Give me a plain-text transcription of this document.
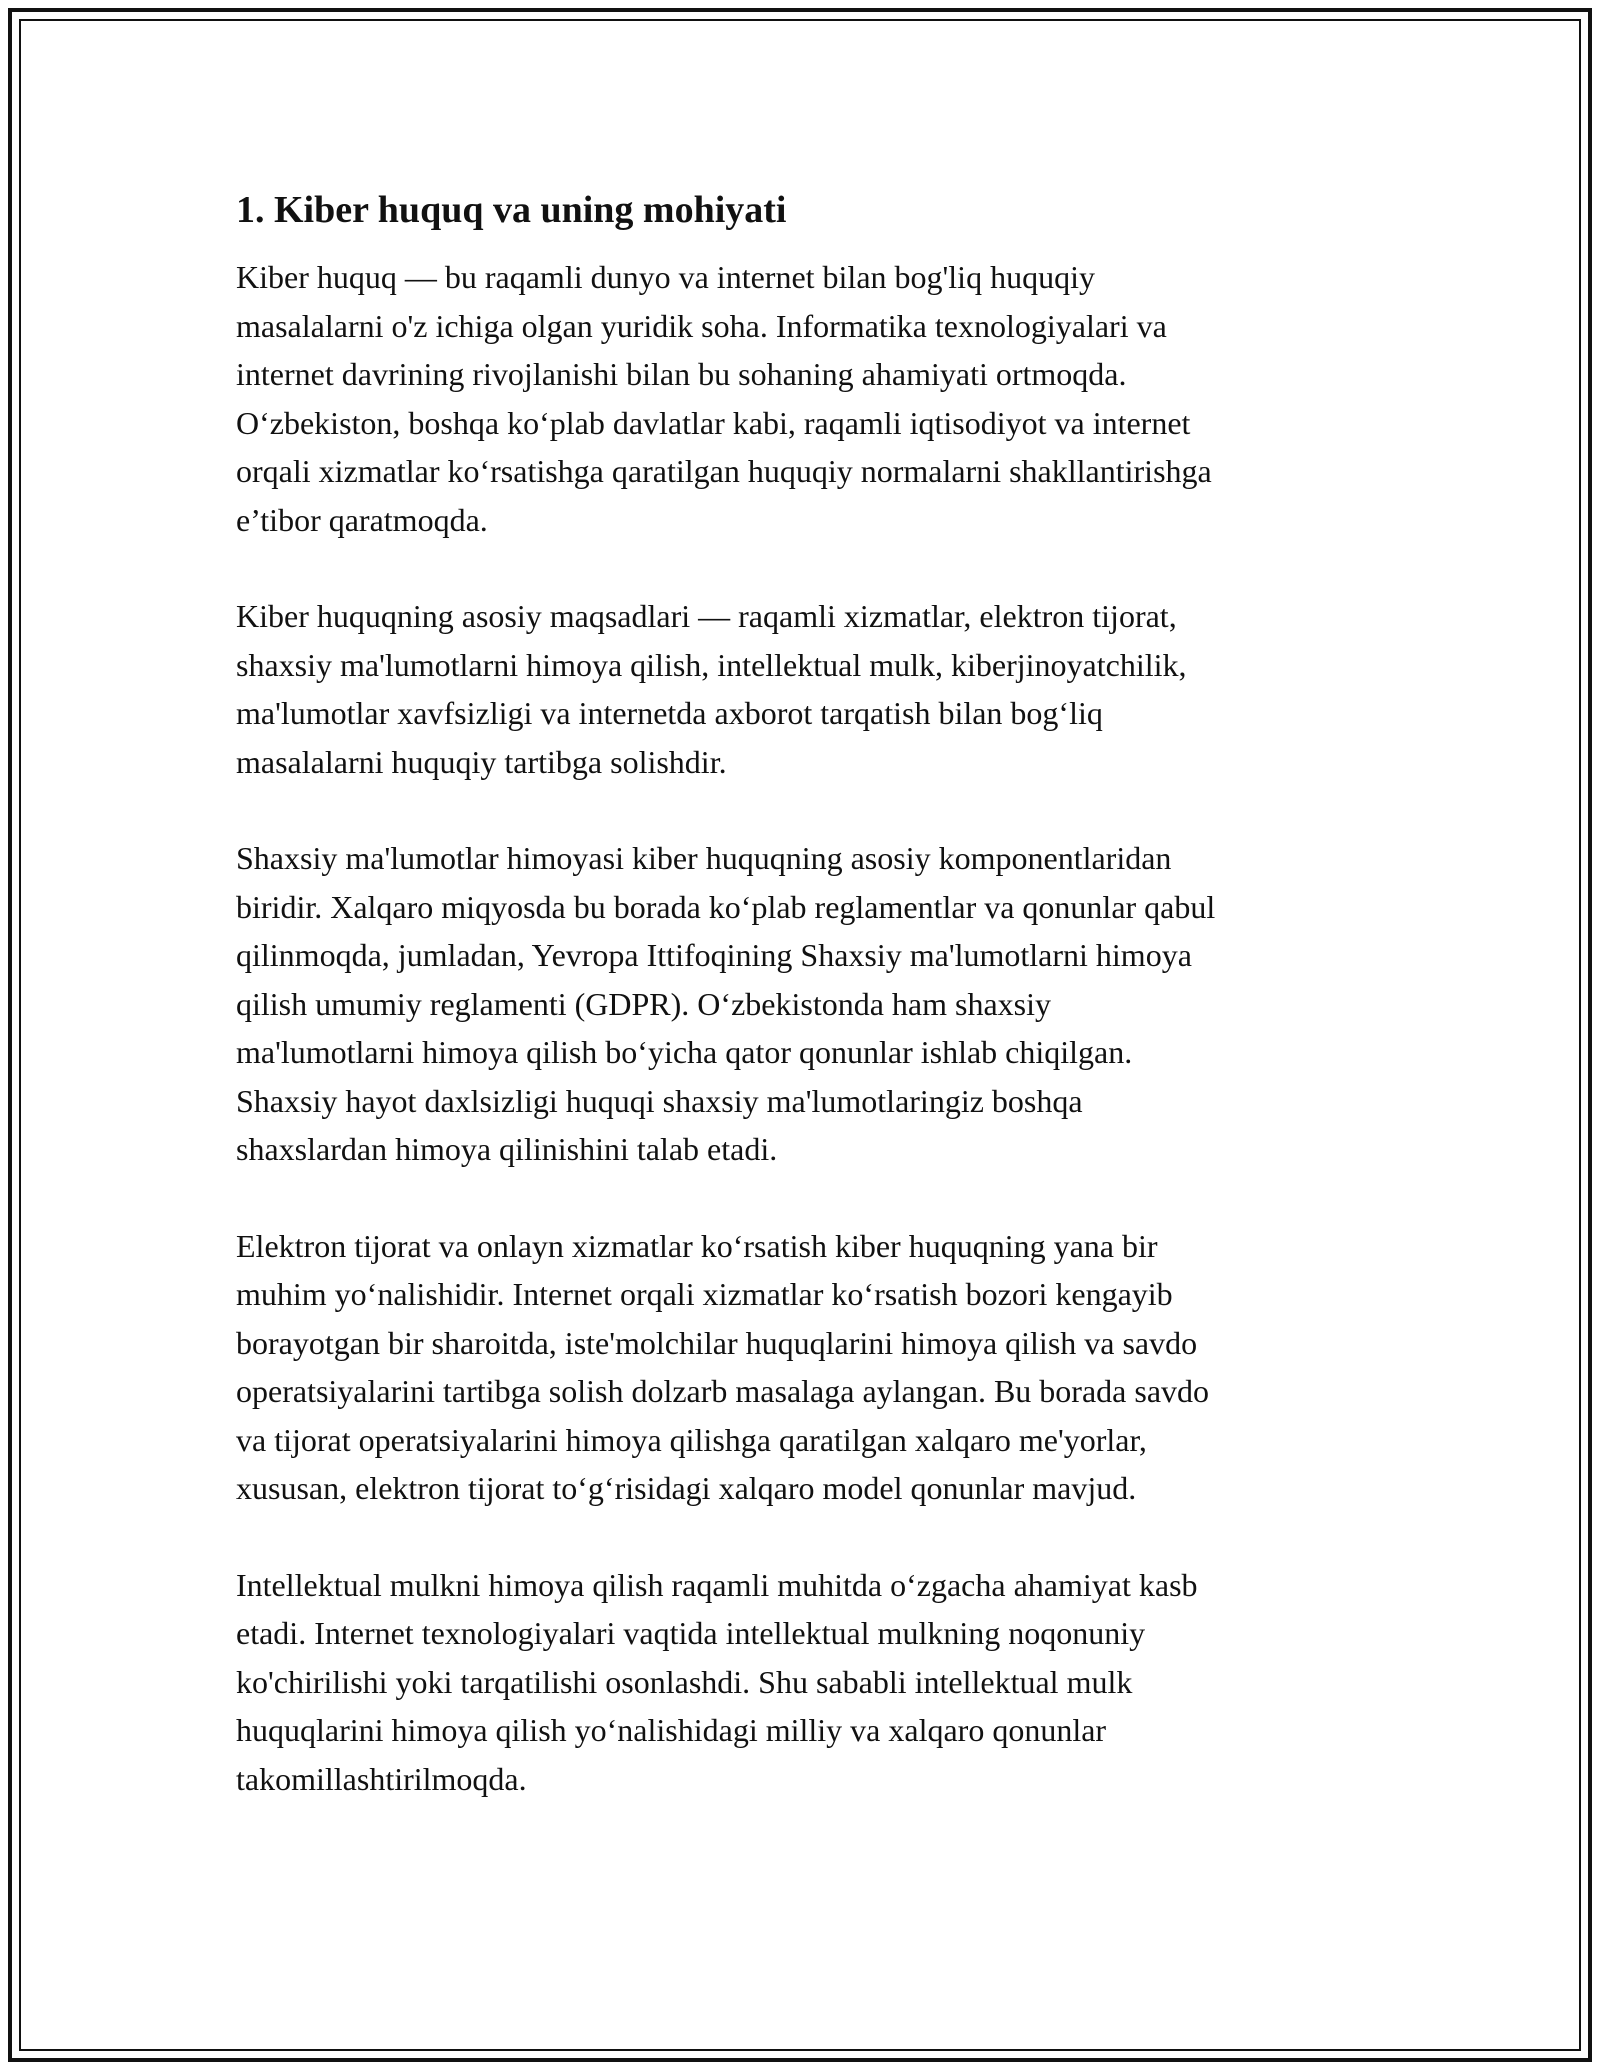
1. Kiber huquq va uning mohiyati

Kiber huquq — bu raqamli dunyo va internet bilan bog'liq huquqiy
masalalarni o'z ichiga olgan yuridik soha. Informatika texnologiyalari va
internet davrining rivojlanishi bilan bu sohaning ahamiyati ortmoqda.
O‘zbekiston, boshqa ko‘plab davlatlar kabi, raqamli iqtisodiyot va internet
orqali xizmatlar ko‘rsatishga qaratilgan huquqiy normalarni shakllantirishga
e’tibor qaratmoqda.

Kiber huquqning asosiy maqsadlari — raqamli xizmatlar, elektron tijorat,
shaxsiy ma'lumotlarni himoya qilish, intellektual mulk, kiberjinoyatchilik,
ma'lumotlar xavfsizligi va internetda axborot tarqatish bilan bog‘liq
masalalarni huquqiy tartibga solishdir.

Shaxsiy ma'lumotlar himoyasi kiber huquqning asosiy komponentlaridan
biridir. Xalqaro miqyosda bu borada ko‘plab reglamentlar va qonunlar qabul
qilinmoqda, jumladan, Yevropa Ittifoqining Shaxsiy ma'lumotlarni himoya
qilish umumiy reglamenti (GDPR). O‘zbekistonda ham shaxsiy
ma'lumotlarni himoya qilish bo‘yicha qator qonunlar ishlab chiqilgan.
Shaxsiy hayot daxlsizligi huquqi shaxsiy ma'lumotlaringiz boshqa
shaxslardan himoya qilinishini talab etadi.

Elektron tijorat va onlayn xizmatlar ko‘rsatish kiber huquqning yana bir
muhim yo‘nalishidir. Internet orqali xizmatlar ko‘rsatish bozori kengayib
borayotgan bir sharoitda, iste'molchilar huquqlarini himoya qilish va savdo
operatsiyalarini tartibga solish dolzarb masalaga aylangan. Bu borada savdo
va tijorat operatsiyalarini himoya qilishga qaratilgan xalqaro me'yorlar,
xususan, elektron tijorat to‘g‘risidagi xalqaro model qonunlar mavjud.

Intellektual mulkni himoya qilish raqamli muhitda o‘zgacha ahamiyat kasb
etadi. Internet texnologiyalari vaqtida intellektual mulkning noqonuniy
ko'chirilishi yoki tarqatilishi osonlashdi. Shu sababli intellektual mulk
huquqlarini himoya qilish yo‘nalishidagi milliy va xalqaro qonunlar
takomillashtirilmoqda.
